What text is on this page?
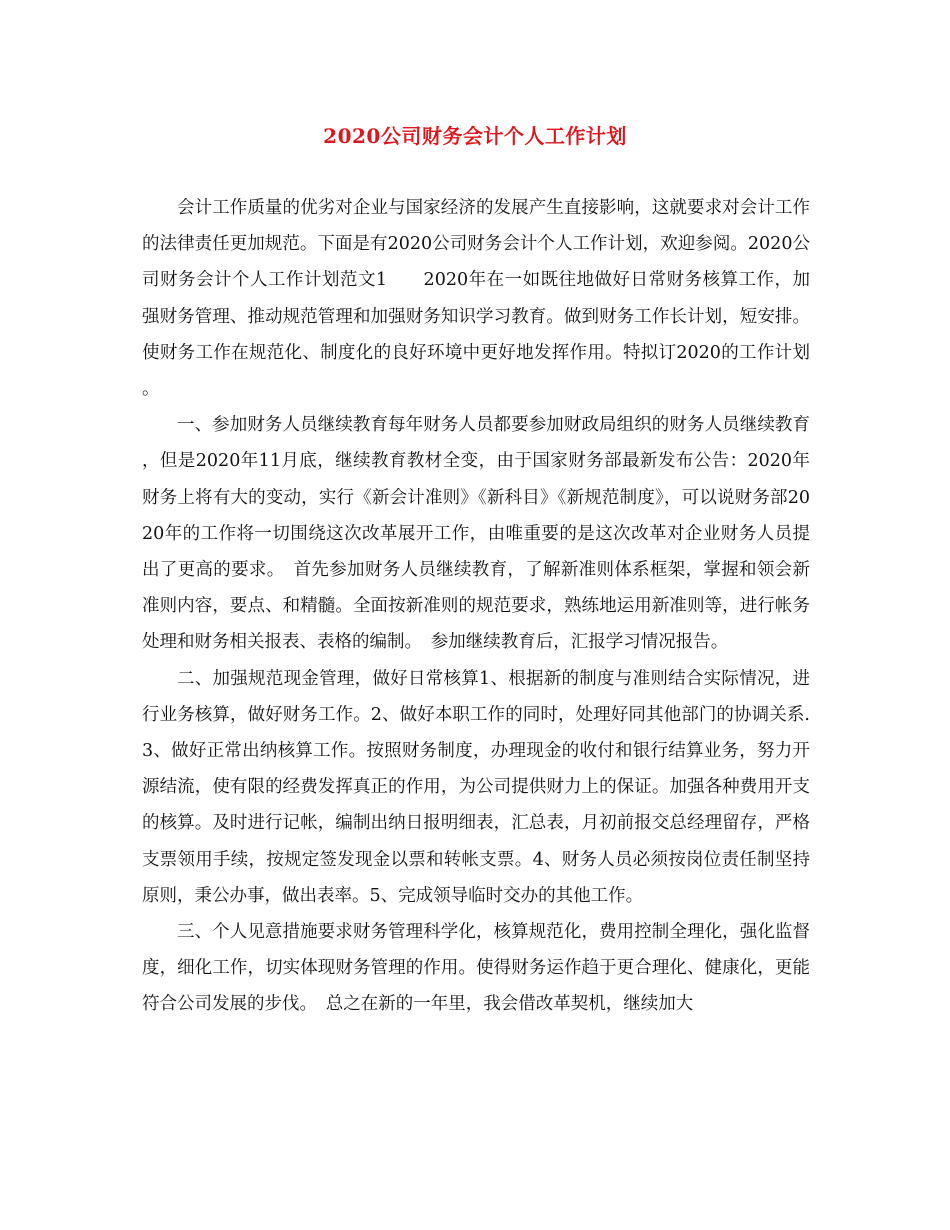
2020公司财务会计个人工作计划

会计工作质量的优劣对企业与国家经济的发展产生直接影响，这就要求对会计工作的法律责任更加规范。下面是有2020公司财务会计个人工作计划，欢迎参阅。2020公司财务会计个人工作计划范文1　　2020年在一如既往地做好日常财务核算工作，加强财务管理、推动规范管理和加强财务知识学习教育。做到财务工作长计划，短安排。使财务工作在规范化、制度化的良好环境中更好地发挥作用。特拟订2020的工作计划。

一、参加财务人员继续教育每年财务人员都要参加财政局组织的财务人员继续教育，但是2020年11月底，继续教育教材全变，由于国家财务部最新发布公告：2020年财务上将有大的变动，实行《新会计准则》《新科目》《新规范制度》，可以说财务部2020年的工作将一切围绕这次改革展开工作，由唯重要的是这次改革对企业财务人员提出了更高的要求。　首先参加财务人员继续教育，了解新准则体系框架，掌握和领会新准则内容，要点、和精髓。全面按新准则的规范要求，熟练地运用新准则等，进行帐务处理和财务相关报表、表格的编制。　参加继续教育后，汇报学习情况报告。

二、加强规范现金管理，做好日常核算1、根据新的制度与准则结合实际情况，进行业务核算，做好财务工作。2、做好本职工作的同时，处理好同其他部门的协调关系.3、做好正常出纳核算工作。按照财务制度，办理现金的收付和银行结算业务，努力开源结流，使有限的经费发挥真正的作用，为公司提供财力上的保证。加强各种费用开支的核算。及时进行记帐，编制出纳日报明细表，汇总表，月初前报交总经理留存，严格支票领用手续，按规定签发现金以票和转帐支票。4、财务人员必须按岗位责任制坚持原则，秉公办事，做出表率。5、完成领导临时交办的其他工作。

三、个人见意措施要求财务管理科学化，核算规范化，费用控制全理化，强化监督度，细化工作，切实体现财务管理的作用。使得财务运作趋于更合理化、健康化，更能符合公司发展的步伐。　总之在新的一年里，我会借改革契机，继续加大
